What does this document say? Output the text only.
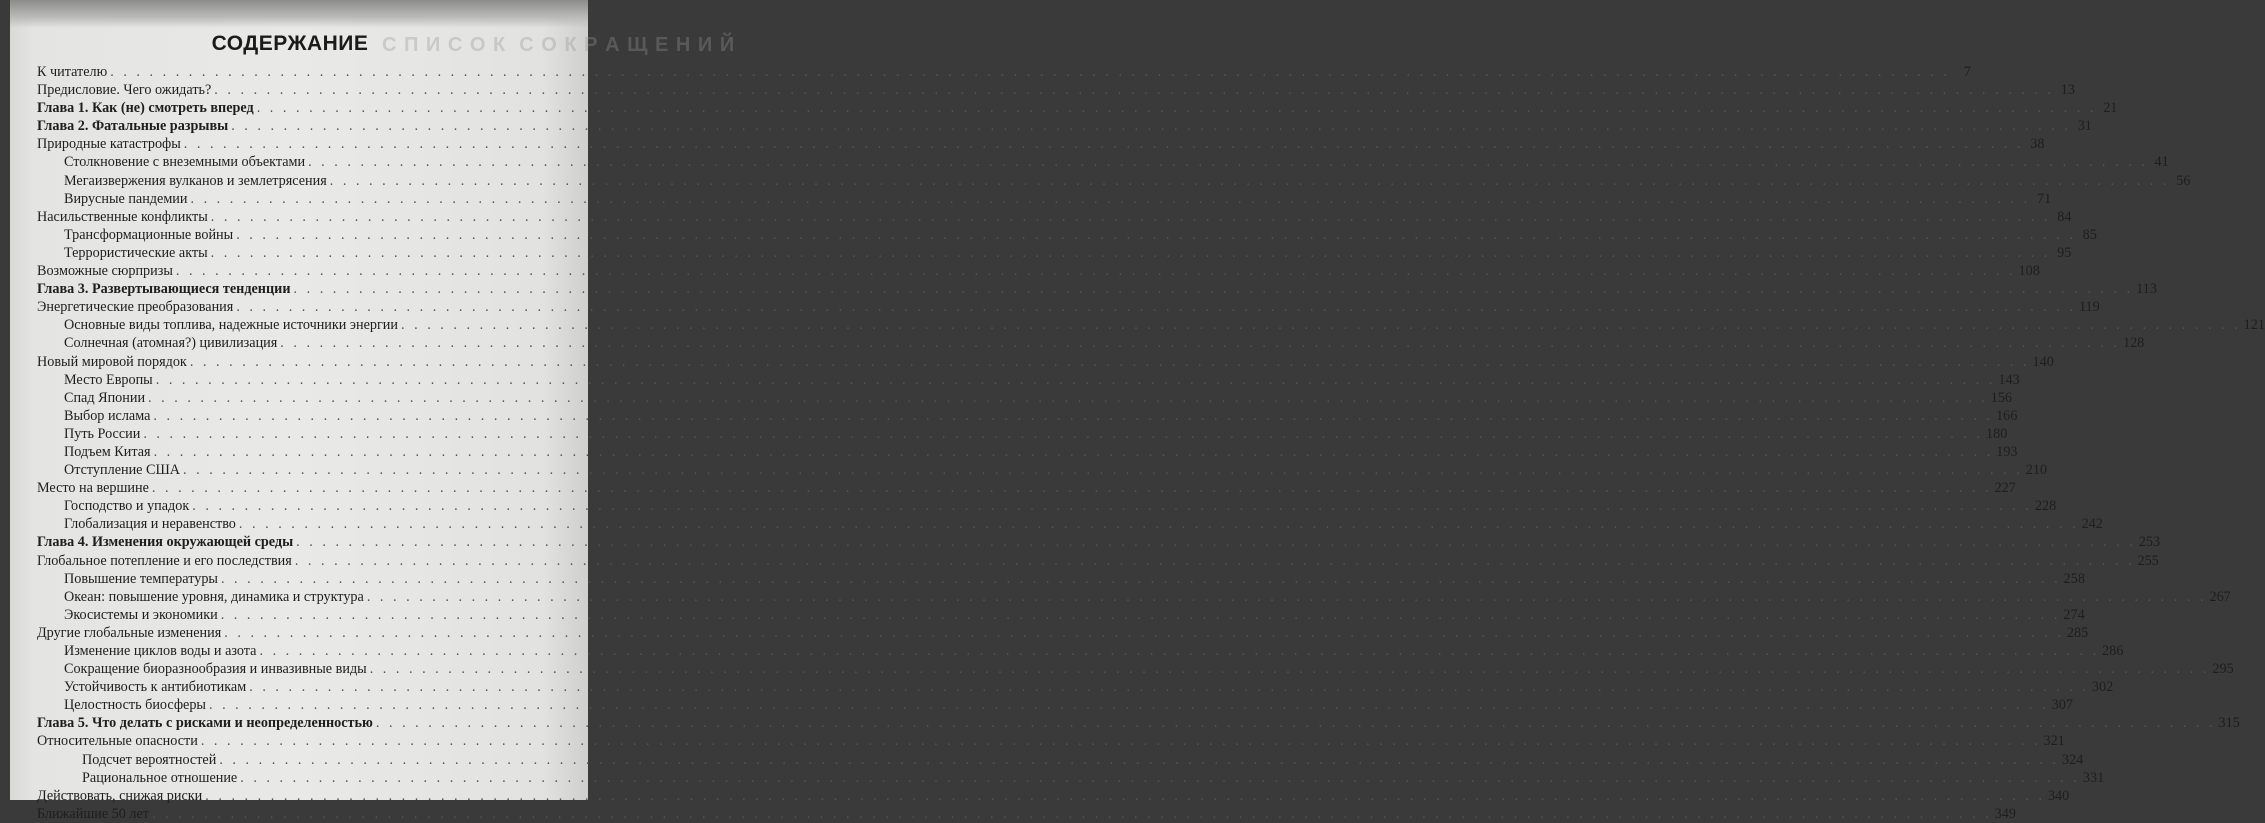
С П И С О К  С О К Р А Щ Е Н И Й
СОДЕРЖАНИЕ
К читателю . . .	7
Предисловие. Чего ожидать? . . .	13
Глава 1. Как (не) смотреть вперед . . .	21
Глава 2. Фатальные разрывы . . .	31
Природные катастрофы . . .	38
Столкновение с внеземными объектами . . .	41
Мегаизвержения вулканов и землетрясения . . .	56
Вирусные пандемии . . .	71
Насильственные конфликты . . .	84
Трансформационные войны . . .	85
Террористические акты . . .	95
Возможные сюрпризы . . .	108
Глава 3. Развертывающиеся тенденции . . .	113
Энергетические преобразования . . .	119
Основные виды топлива, надежные источники энергии . . .	121
Солнечная (атомная?) цивилизация . . .	128
Новый мировой порядок . . .	140
Место Европы . . .	143
Спад Японии . . .	156
Выбор ислама . . .	166
Путь России . . .	180
Подъем Китая . . .	193
Отступление США . . .	210
Место на вершине . . .	227
Господство и упадок . . .	228
Глобализация и неравенство . . .	242
Глава 4. Изменения окружающей среды . . .	253
Глобальное потепление и его последствия . . .	255
Повышение температуры . . .	258
Океан: повышение уровня, динамика и структура . . .	267
Экосистемы и экономики . . .	274
Другие глобальные изменения . . .	285
Изменение циклов воды и азота . . .	286
Сокращение биоразнообразия и инвазивные виды . . .	295
Устойчивость к антибиотикам . . .	302
Целостность биосферы . . .	307
Глава 5. Что делать с рисками и неопределенностью . . .	315
Относительные опасности . . .	321
Подсчет вероятностей . . .	324
Рациональное отношение . . .	331
Действовать, снижая риски . . .	340
Ближайшие 50 лет . . .	349
